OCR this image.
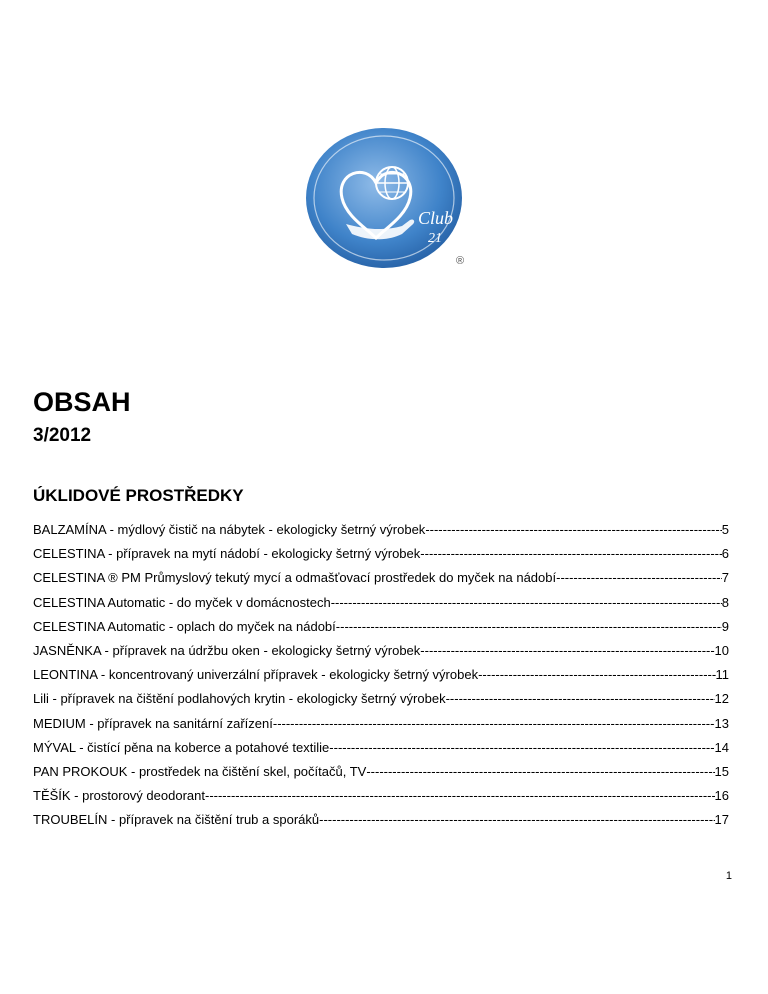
Club
21
®
OBSAH
3/2012
ÚKLIDOVÉ PROSTŘEDKY
BALZAMÍNA - mýdlový čistič na nábytek - ekologicky šetrný výrobek -----	5
CELESTINA - přípravek na mytí nádobí - ekologicky šetrný výrobek -----	6
CELESTINA ® PM Průmyslový tekutý mycí a odmašťovací prostředek do myček na nádobí -----	7
CELESTINA Automatic - do myček v domácnostech -----	8
CELESTINA Automatic - oplach do myček na nádobí -----	9
JASNĚNKA - přípravek na údržbu oken - ekologicky šetrný výrobek -----	10
LEONTINA - koncentrovaný univerzální přípravek - ekologicky šetrný výrobek -----	11
Lili - přípravek na čištění podlahových krytin - ekologicky šetrný výrobek -----	12
MEDIUM - přípravek na sanitární zařízení -----	13
MÝVAL - čistící pěna na koberce a potahové textilie -----	14
PAN PROKOUK - prostředek na čištění skel, počítačů, TV -----	15
TĚŠÍK - prostorový deodorant -----	16
TROUBELÍN - přípravek na čištění trub a sporáků -----	17
1
